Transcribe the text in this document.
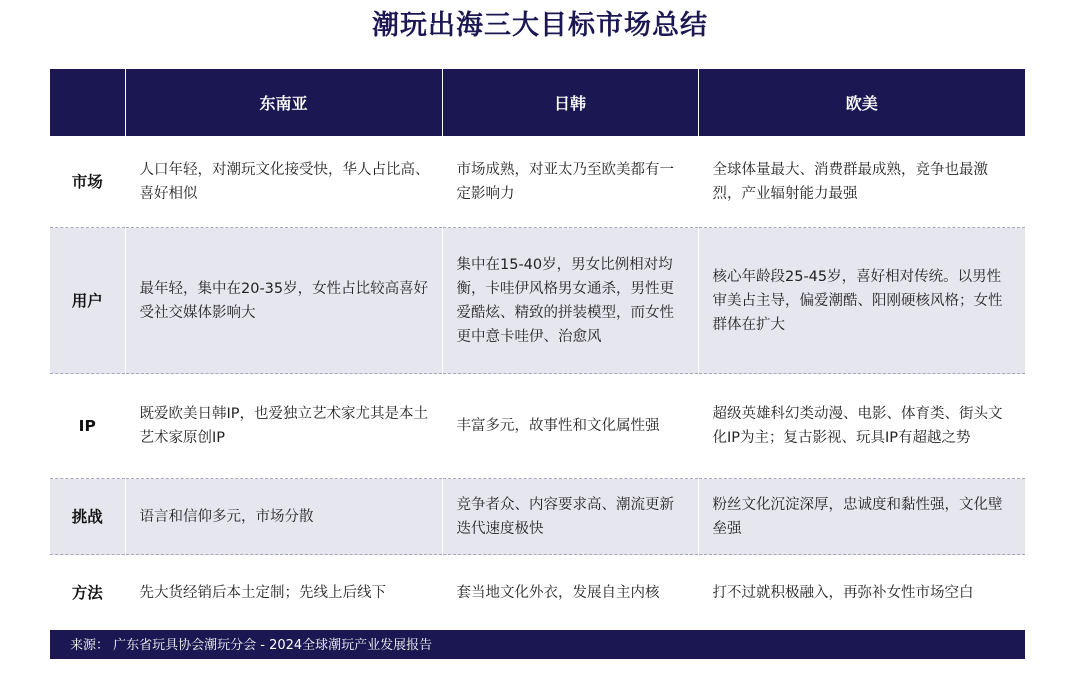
潮玩出海三大目标市场总结
	东南亚	日韩	欧美
市场	人口年轻，对潮玩文化接受快，华人占比高、喜好相似	市场成熟，对亚太乃至欧美都有一定影响力	全球体量最大、消费群最成熟，竞争也最激烈，产业辐射能力最强
用户	最年轻，集中在20-35岁，女性占比较高喜好受社交媒体影响大	集中在15-40岁，男女比例相对均衡，卡哇伊风格男女通杀，男性更爱酷炫、精致的拼装模型，而女性更中意卡哇伊、治愈风	核心年龄段25-45岁，喜好相对传统。以男性审美占主导，偏爱潮酷、阳刚硬核风格；女性群体在扩大
IP	既爱欧美日韩IP，也爱独立艺术家尤其是本土艺术家原创IP	丰富多元，故事性和文化属性强	超级英雄科幻类动漫、电影、体育类、街头文化IP为主；复古影视、玩具IP有超越之势
挑战	语言和信仰多元，市场分散	竞争者众、内容要求高、潮流更新迭代速度极快	粉丝文化沉淀深厚，忠诚度和黏性强，文化壁垒强
方法	先大货经销后本土定制；先线上后线下	套当地文化外衣，发展自主内核	打不过就积极融入，再弥补女性市场空白
来源： 广东省玩具协会潮玩分会 - 2024全球潮玩产业发展报告
